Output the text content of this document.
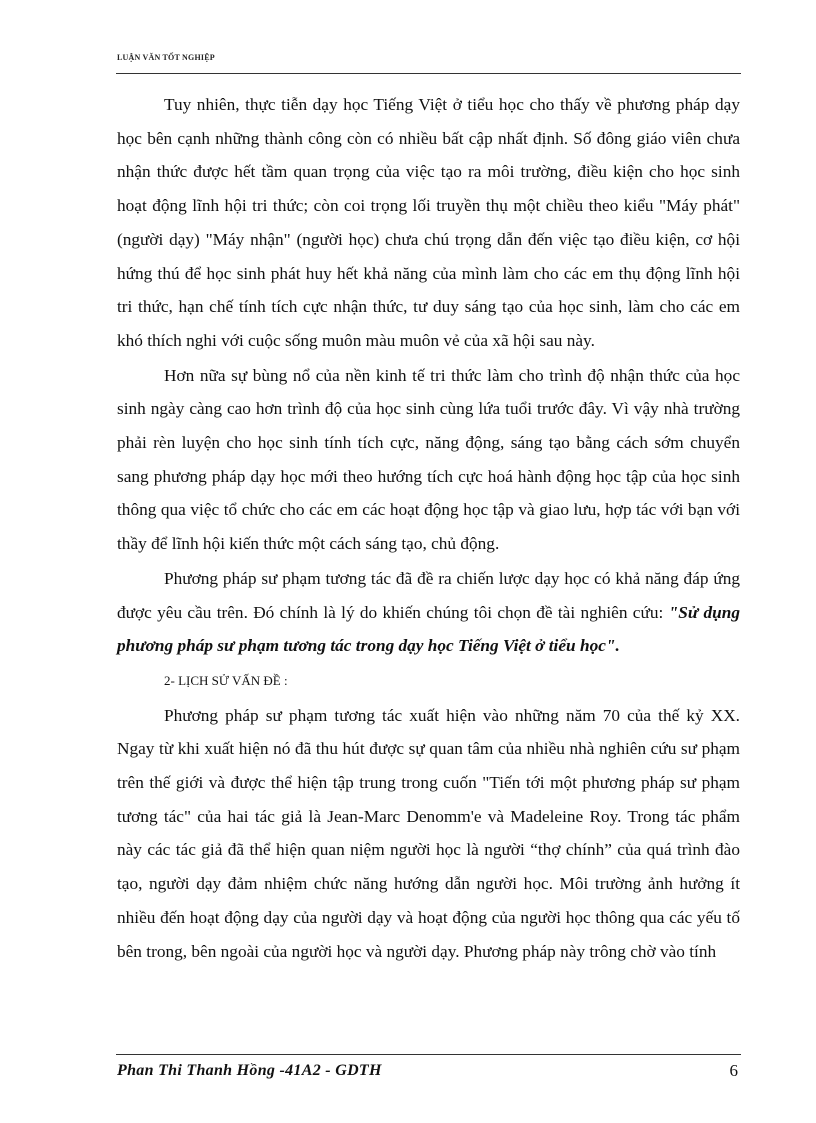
LUẬN VĂN TỐT NGHIỆP

Tuy nhiên, thực tiễn dạy học Tiếng Việt ở tiểu học cho thấy về phương pháp dạy học bên cạnh những thành công còn có nhiều bất cập nhất định. Số đông giáo viên chưa nhận thức được hết tầm quan trọng của việc tạo ra môi trường, điều kiện cho học sinh hoạt động lĩnh hội tri thức; còn coi trọng lối truyền thụ một chiều theo kiểu "Máy phát" (người dạy) "Máy nhận" (người học) chưa chú trọng dẫn đến việc tạo điều kiện, cơ hội hứng thú để học sinh phát huy hết khả năng của mình làm cho các em thụ động lĩnh hội tri thức, hạn chế tính tích cực nhận thức, tư duy sáng tạo của học sinh, làm cho các em khó thích nghi với cuộc sống muôn màu muôn vẻ của xã hội sau này.

Hơn nữa sự bùng nổ của nền kinh tế tri thức làm cho trình độ nhận thức của học sinh ngày càng cao hơn trình độ của học sinh cùng lứa tuổi trước đây. Vì vậy nhà trường phải rèn luyện cho học sinh tính tích cực, năng động, sáng tạo bằng cách sớm chuyển sang phương pháp dạy học mới theo hướng tích cực hoá hành động học tập của học sinh thông qua việc tổ chức cho các em các hoạt động học tập và giao lưu, hợp tác với bạn với thầy để lĩnh hội kiến thức một cách sáng tạo, chủ động.

Phương pháp sư phạm tương tác đã đề ra chiến lược dạy học có khả năng đáp ứng được yêu cầu trên. Đó chính là lý do khiến chúng tôi chọn đề tài nghiên cứu: "Sử dụng phương pháp sư phạm tương tác trong dạy học Tiếng Việt ở tiểu học".

2- LỊCH SỬ VẤN ĐỀ :

Phương pháp sư phạm tương tác xuất hiện vào những năm 70 của thế kỷ XX. Ngay từ khi xuất hiện nó đã thu hút được sự quan tâm của nhiều nhà nghiên cứu sư phạm trên thế giới và được thể hiện tập trung trong cuốn "Tiến tới một phương pháp sư phạm tương tác" của hai tác giả là Jean-Marc Denomm'e và Madeleine Roy. Trong tác phẩm này các tác giả đã thể hiện quan niệm người học là người “thợ chính” của quá trình đào tạo, người dạy đảm nhiệm chức năng hướng dẫn người học. Môi trường ảnh hưởng ít nhiều đến hoạt động dạy của người dạy và hoạt động của người học thông qua các yếu tố bên trong, bên ngoài của người học và người dạy. Phương pháp này trông chờ vào tính

Phan Thi Thanh Hồng -41A2 - GDTH	6
